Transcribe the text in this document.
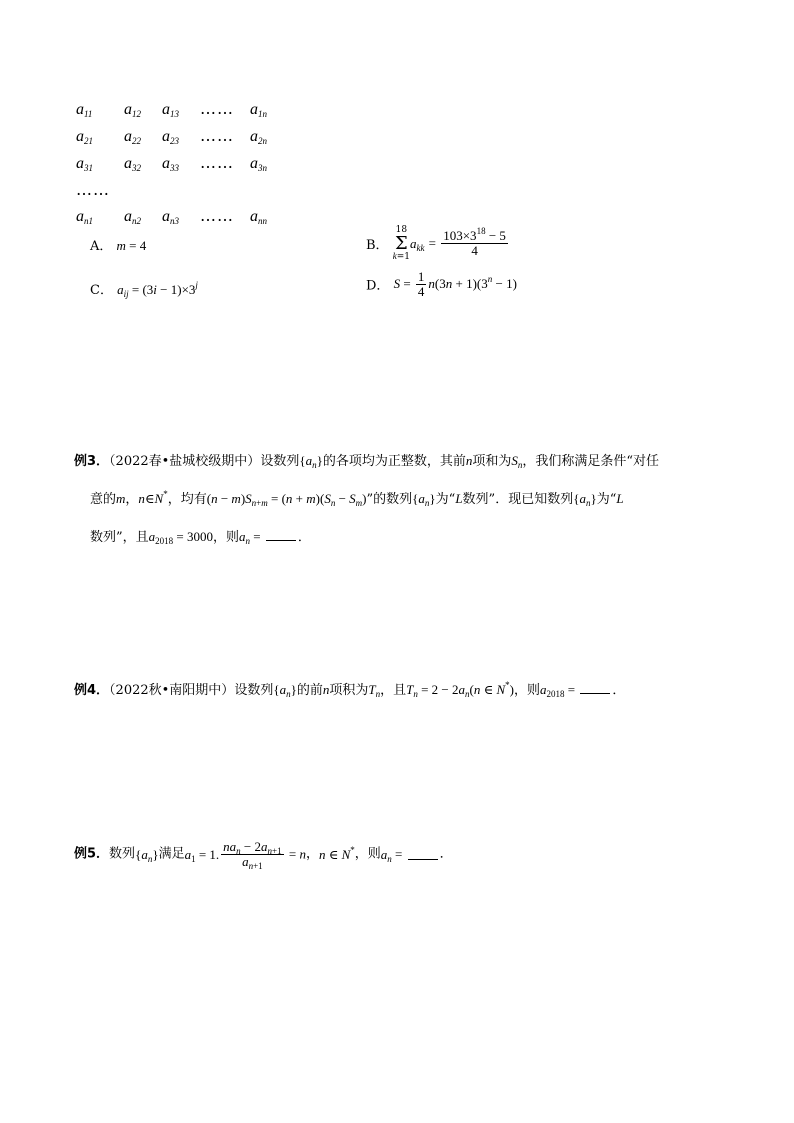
$a_{11}$ $a_{12}$ $a_{13}$ …… $a_{1n}$
$a_{21}$ $a_{22}$ $a_{23}$ …… $a_{2n}$
$a_{31}$ $a_{32}$ $a_{33}$ …… $a_{3n}$
……
$a_{n1}$ $a_{n2}$ $a_{n3}$ …… $a_{nn}$
A． m = 4	B． 18
Σ
$k=1a_{kk} = \frac{103\times 3^{18} - 5}{4}$
C． $a_{ij} = (3i - 1)\times 3^j$	D． $S = \frac{1}{4} n(3n + 1)(3^n - 1)$
例3．（2022春•盐城校级期中）设数列$\{a_n\}$的各项均为正整数，其前n项和为$S_n$，我们称满足条件“对任
意的m，n∈N*，均有$(n - m)S_{n+m} = (n + m)(S_n - S_m)$”的数列$\{a_n\}$为“L数列”．现已知数列$\{a_n\}$为“L
数列”，且$a_{2018} = 3000$，则$a_n$ =	．
例4．（2022秋•南阳期中）设数列$\{a_n\}$的前n项积为$T_n$，且$T_n = 2 - 2a_n(n$ ∈ N*)，则$a_{2018}$ =	．
例5．数列$\{a_n\}$满足$a_1 = 1$. $\frac{na_n - 2a_{n+1}}{a_{n+1}} = n$，n ∈ N*，则$a_n$ =	．
